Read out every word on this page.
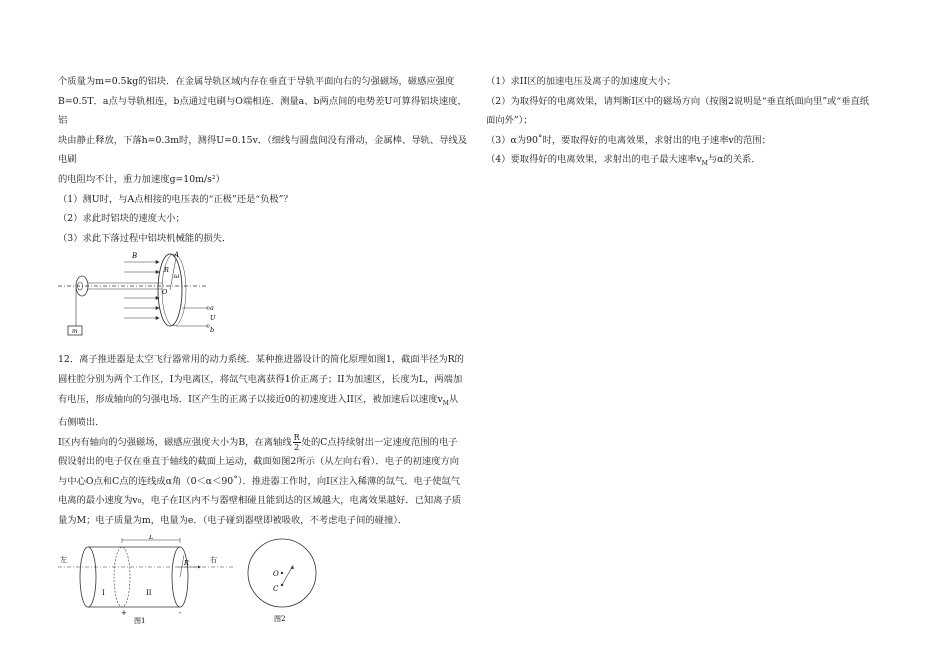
个质量为m=0.5kg的铝块．在金属导轨区域内存在垂直于导轨平面向右的匀强磁场，磁感应强度

B=0.5T．a点与导轨相连，b点通过电刷与O端相连．测量a、b两点间的电势差U可算得铝块速度，铝

块由静止释放，下落h=0.3m时，测得U=0.15v．（细线与圆盘间没有滑动，金属棒、导轨、导线及电刷

的电阻均不计，重力加速度g=10m/s²）

（1）测U时，与A点相接的电压表的“正极”还是“负极”？

（2）求此时铝块的速度大小；

（3）求此下落过程中铝块机械能的损失．

m
B	A
R
ω
O
a
U
b

12．离子推进器是太空飞行器常用的动力系统．某种推进器设计的简化原理如图1，截面半径为R的

圆柱腔分别为两个工作区，I为电离区，将氙气电离获得1价正离子；II为加速区，长度为L，两端加

有电压，形成轴向的匀强电场．I区产生的正离子以接近0的初速度进入II区，被加速后以速度$v_M$从

右侧喷出．

I区内有轴向的匀强磁场，磁感应强度大小为B，在离轴线 $\frac{R}{2}$ 处的C点持续射出一定速度范围的电子

假设射出的电子仅在垂直于轴线的截面上运动，截面如图2所示（从左向右看）．电子的初速度方向

与中心O点和C点的连线成α角（0＜α＜90˚）．推进器工作时，向I区注入稀薄的氙气．电子使氙气

电离的最小速度为v₀，电子在I区内不与器壁相碰且能到达的区域越大，电离效果越好．已知离子质

量为M；电子质量为m，电量为e．（电子碰到器壁即被吸收，不考虑电子间的碰撞）．

左	右
L
R
I	II
+	-
图1
O
C
图2

（1）求II区的加速电压及离子的加速度大小；

（2）为取得好的电离效果，请判断I区中的磁场方向（按图2说明是“垂直纸面向里”或“垂直纸

面向外”）；

（3）α为90˚时，要取得好的电离效果，求射出的电子速率v的范围；

（4）要取得好的电离效果，求射出的电子最大速率$v_M$与α的关系．
